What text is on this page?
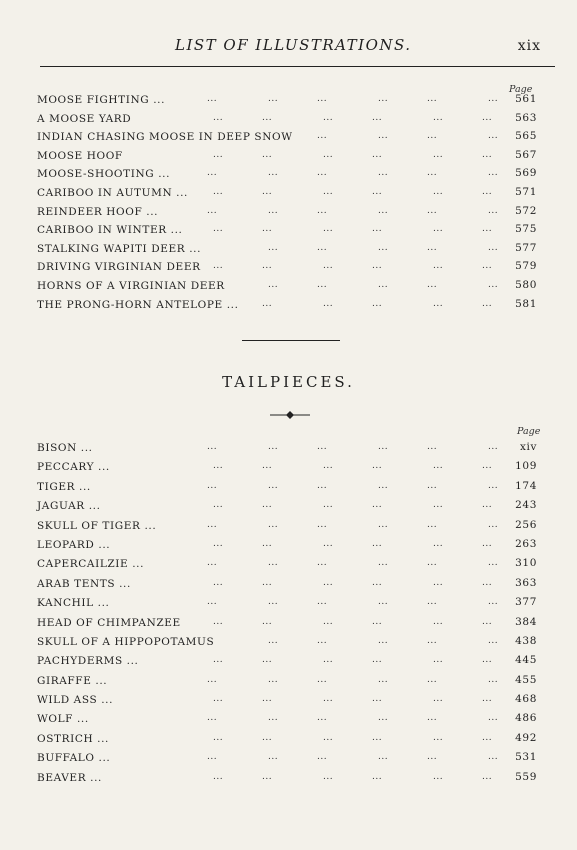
LIST OF ILLUSTRATIONS.	xix
Page
MOOSE FIGHTING ...	...	...	...	...	...	...	561
A MOOSE YARD	...	...	...	...	...	...	563
INDIAN CHASING MOOSE IN DEEP SNOW	...	...	...	...	565
MOOSE HOOF	...	...	...	...	...	...	567
MOOSE-SHOOTING ...	...	...	...	...	...	...	569
CARIBOO IN AUTUMN ...	...	...	...	...	...	...	571
REINDEER HOOF ...	...	...	...	...	...	...	572
CARIBOO IN WINTER ...	...	...	...	...	...	...	575
STALKING WAPITI DEER ...	...	...	...	...	...	577
DRIVING VIRGINIAN DEER ...	...	...	...	...	...	579
HORNS OF A VIRGINIAN DEER	...	...	...	...	...	580
THE PRONG-HORN ANTELOPE ...	...	...	...	...	...	581
TAILPIECES.
Page
BISON ...	...	...	...	...	...	...	xiv
PECCARY ...	...	...	...	...	...	...	109
TIGER ...	...	...	...	...	...	...	174
JAGUAR ...	...	...	...	...	...	...	243
SKULL OF TIGER ...	...	...	...	...	...	...	256
LEOPARD ...	...	...	...	...	...	...	263
CAPERCAILZIE ...	...	...	...	...	...	...	310
ARAB TENTS ...	...	...	...	...	...	...	363
KANCHIL ...	...	...	...	...	...	...	377
HEAD OF CHIMPANZEE	...	...	...	...	...	...	384
SKULL OF A HIPPOPOTAMUS	...	...	...	...	...	438
PACHYDERMS ...	...	...	...	...	...	...	445
GIRAFFE ...	...	...	...	...	...	...	455
WILD ASS ...	...	...	...	...	...	...	468
WOLF ...	...	...	...	...	...	...	486
OSTRICH ...	...	...	...	...	...	...	492
BUFFALO ...	...	...	...	...	...	...	531
BEAVER ...	...	...	...	...	...	...	559
